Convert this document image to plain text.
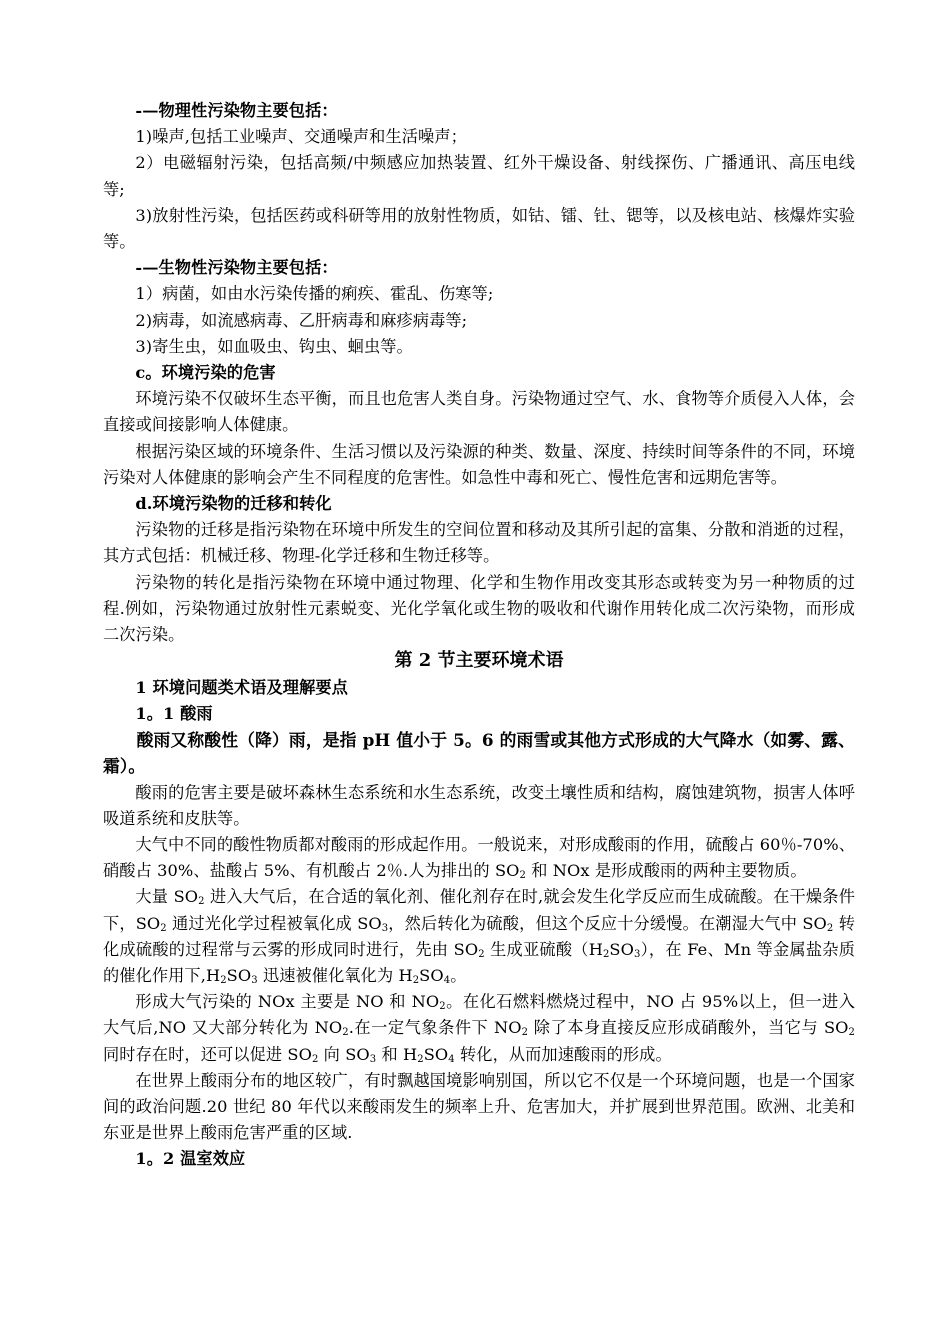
-—物理性污染物主要包括：

1)噪声,包括工业噪声、交通噪声和生活噪声；

2）电磁辐射污染，包括高频/中频感应加热装置、红外干燥设备、射线探伤、广播通讯、高压电线等;

3)放射性污染，包括医药或科研等用的放射性物质，如钴、镭、钍、锶等，以及核电站、核爆炸实验等。

-—生物性污染物主要包括：

1）病菌，如由水污染传播的痢疾、霍乱、伤寒等;

2)病毒，如流感病毒、乙肝病毒和麻疹病毒等;

3)寄生虫，如血吸虫、钩虫、蛔虫等。

c。环境污染的危害

环境污染不仅破坏生态平衡，而且也危害人类自身。污染物通过空气、水、食物等介质侵入人体，会直接或间接影响人体健康。

根据污染区域的环境条件、生活习惯以及污染源的种类、数量、深度、持续时间等条件的不同，环境污染对人体健康的影响会产生不同程度的危害性。如急性中毒和死亡、慢性危害和远期危害等。

d.环境污染物的迁移和转化

污染物的迁移是指污染物在环境中所发生的空间位置和移动及其所引起的富集、分散和消逝的过程，其方式包括：机械迁移、物理-化学迁移和生物迁移等。

污染物的转化是指污染物在环境中通过物理、化学和生物作用改变其形态或转变为另一种物质的过程.例如，污染物通过放射性元素蜕变、光化学氧化或生物的吸收和代谢作用转化成二次污染物，而形成二次污染。

第 2 节主要环境术语

1 环境问题类术语及理解要点

1。1 酸雨

酸雨又称酸性（降）雨，是指 pH 值小于 5。6 的雨雪或其他方式形成的大气降水（如雾、露、霜）。

酸雨的危害主要是破坏森林生态系统和水生态系统，改变土壤性质和结构，腐蚀建筑物，损害人体呼吸道系统和皮肤等。

大气中不同的酸性物质都对酸雨的形成起作用。一般说来，对形成酸雨的作用，硫酸占 60％-70%、硝酸占 30%、盐酸占 5%、有机酸占 2％.人为排出的 $SO_2$ 和 NOx 是形成酸雨的两种主要物质。

大量 $SO_2$ 进入大气后，在合适的氧化剂、催化剂存在时,就会发生化学反应而生成硫酸。在干燥条件下，$SO_2$ 通过光化学过程被氧化成 $SO_3$，然后转化为硫酸，但这个反应十分缓慢。在潮湿大气中 $SO_2$ 转化成硫酸的过程常与云雾的形成同时进行，先由 $SO_2$ 生成亚硫酸$(H_2SO_3)$，在 Fe、Mn 等金属盐杂质的催化作用下$,H_2SO_3$ 迅速被催化氧化为 $H_2SO_4$。

形成大气污染的 NOx 主要是 NO 和 $NO_2$。在化石燃料燃烧过程中，NO 占 95%以上，但一进入大气后,NO 又大部分转化为 $NO_2$.在一定气象条件下 $NO_2$ 除了本身直接反应形成硝酸外，当它与 $SO_2$ 同时存在时，还可以促进 $SO_2$ 向 $SO_3$ 和 $H_2SO_4$ 转化，从而加速酸雨的形成。

在世界上酸雨分布的地区较广，有时飘越国境影响别国，所以它不仅是一个环境问题，也是一个国家间的政治问题.20 世纪 80 年代以来酸雨发生的频率上升、危害加大，并扩展到世界范围。欧洲、北美和东亚是世界上酸雨危害严重的区域.

1。2 温室效应
